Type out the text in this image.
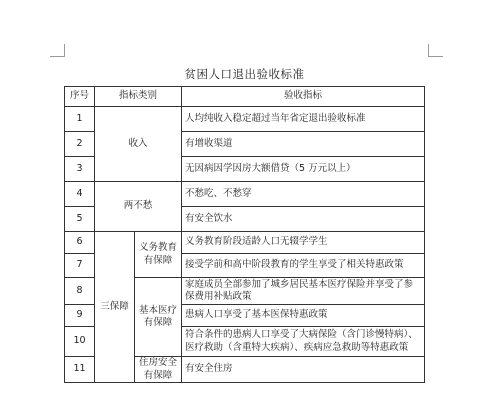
贫困人口退出验收标准
序号	指标类别		验收指标
1	收入		人均纯收入稳定超过当年省定退出验收标准
2			有增收渠道
3			无因病因学因房大额借贷（5 万元以上）
4	两不愁		不愁吃、不愁穿
5			有安全饮水
6	三保障	义务教育有保障	义务教育阶段适龄人口无辍学学生
7			接受学前和高中阶段教育的学生享受了相关特惠政策
8		基本医疗有保障	家庭成员全部参加了城乡居民基本医疗保险并享受了参保费用补贴政策
9			患病人口享受了基本医保特惠政策
10			符合条件的患病人口享受了大病保险（含门诊慢特病）、医疗救助（含重特大疾病）、疾病应急救助等特惠政策
11		住房安全有保障	有安全住房
